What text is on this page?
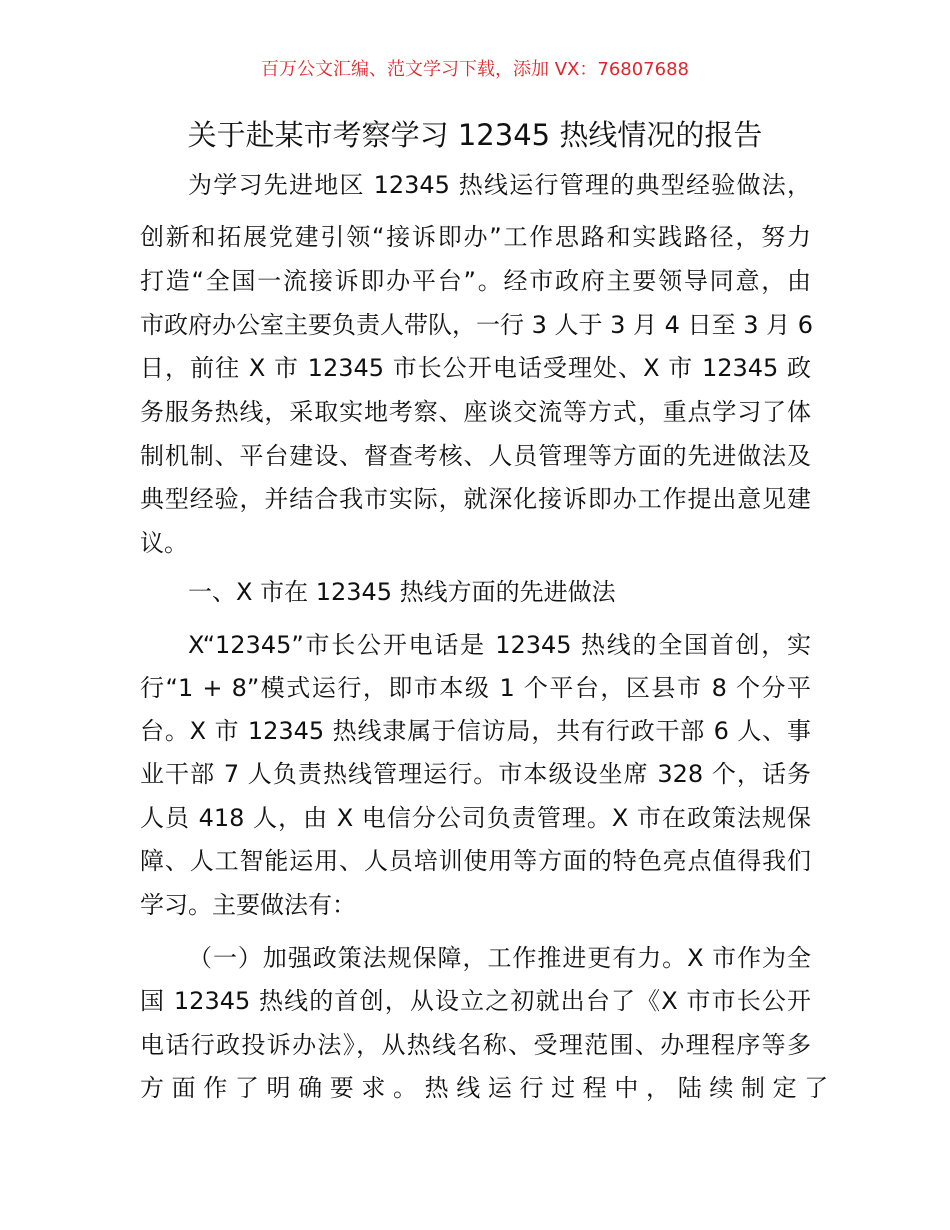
百万公文汇编、范文学习下载，添加 VX：76807688
关于赴某市考察学习 12345 热线情况的报告
为学习先进地区 12345 热线运行管理的典型经验做法，
创新和拓展党建引领“接诉即办”工作思路和实践路径，努力
打造“全国一流接诉即办平台”。经市政府主要领导同意，由
市政府办公室主要负责人带队，一行 3 人于 3 月 4 日至 3 月 6
日，前往 X 市 12345 市长公开电话受理处、X 市 12345 政
务服务热线，采取实地考察、座谈交流等方式，重点学习了体
制机制、平台建设、督查考核、人员管理等方面的先进做法及
典型经验，并结合我市实际，就深化接诉即办工作提出意见建
议。
一、X 市在 12345 热线方面的先进做法
X“12345”市长公开电话是 12345 热线的全国首创，实
行“1 + 8”模式运行，即市本级 1 个平台，区县市 8 个分平
台。X 市 12345 热线隶属于信访局，共有行政干部 6 人、事
业干部 7 人负责热线管理运行。市本级设坐席 328 个，话务
人员 418 人，由 X 电信分公司负责管理。X 市在政策法规保
障、人工智能运用、人员培训使用等方面的特色亮点值得我们
学习。主要做法有：
（一）加强政策法规保障，工作推进更有力。X 市作为全
国 12345 热线的首创，从设立之初就出台了《X 市市长公开
电话行政投诉办法》，从热线名称、受理范围、办理程序等多
方 面 作 了 明 确 要 求 。 热 线 运 行 过 程 中 ， 陆 续 制 定 了
